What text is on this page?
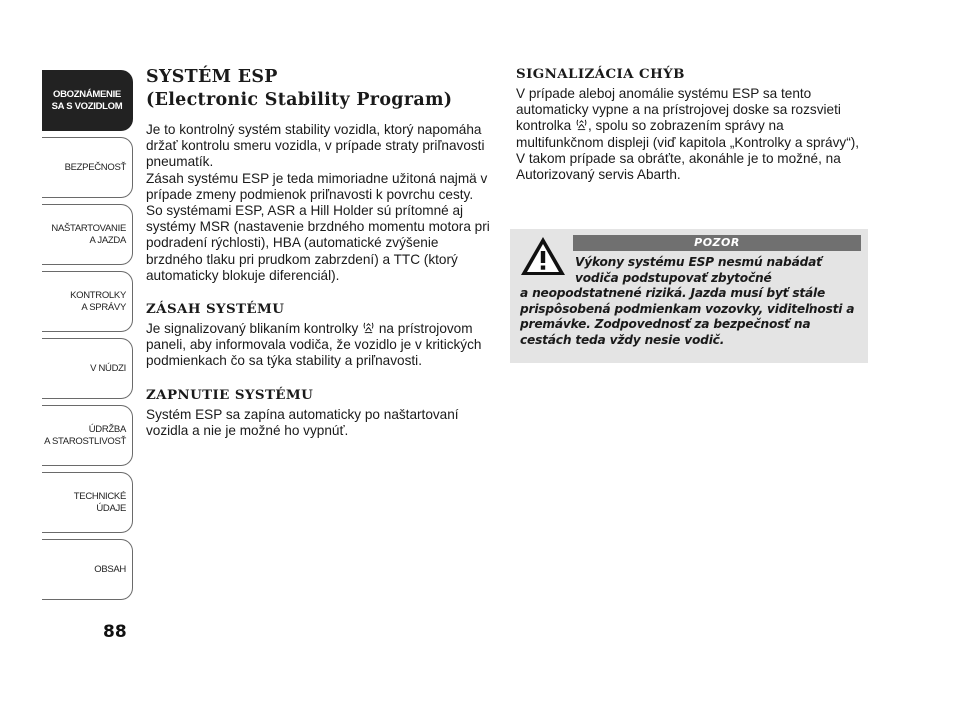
OBOZNÁMENIE
SA S VOZIDLOM
BEZPEČNOSŤ
NAŠTARTOVANIE
A JAZDA
KONTROLKY
A SPRÁVY
V NÚDZI
ÚDRŽBA
A STAROSTLIVOSŤ
TECHNICKÉ
ÚDAJE
OBSAH
88
SYSTÉM ESP
(Electronic Stability Program)

Je to kontrolný systém stability vozidla, ktorý napomáha držať kontrolu smeru vozidla, v prípade straty priľnavosti pneumatík.

Zásah systému ESP je teda mimoriadne užitoná najmä v prípade zmeny podmienok priľnavosti k povrchu cesty.

So systémami ESP, ASR a Hill Holder sú prítomné aj systémy MSR (nastavenie brzdného momentu motora pri podradení rýchlosti), HBA (automatické zvýšenie brzdného tlaku pri prudkom zabrzdení) a TTC (ktorý automaticky blokuje diferenciál).

ZÁSAH SYSTÉMU

Je signalizovaný blikaním kontrolky na prístrojovom paneli, aby informovala vodiča, že vozidlo je v kritických podmienkach čo sa týka stability a priľnavosti.

ZAPNUTIE SYSTÉMU

Systém ESP sa zapína automaticky po naštartovaní vozidla a nie je možné ho vypnúť.

SIGNALIZÁCIA CHÝB

V prípade aleboj anomálie systému ESP sa tento automaticky vypne a na prístrojovej doske sa rozsvieti kontrolka , spolu so zobrazením správy na multifunkčnom displeji (viď kapitola „Kontrolky a správy“), V takom prípade sa obráťte, akonáhle je to možné, na Autorizovaný servis Abarth.

POZOR
Výkony systému ESP nesmú nabádať vodiča podstupovať zbytočné
a neopodstatnené riziká. Jazda musí byť stále prispôsobená podmienkam vozovky, viditeľnosti a premávke. Zodpovednosť za bezpečnosť na cestách teda vždy nesie vodič.
